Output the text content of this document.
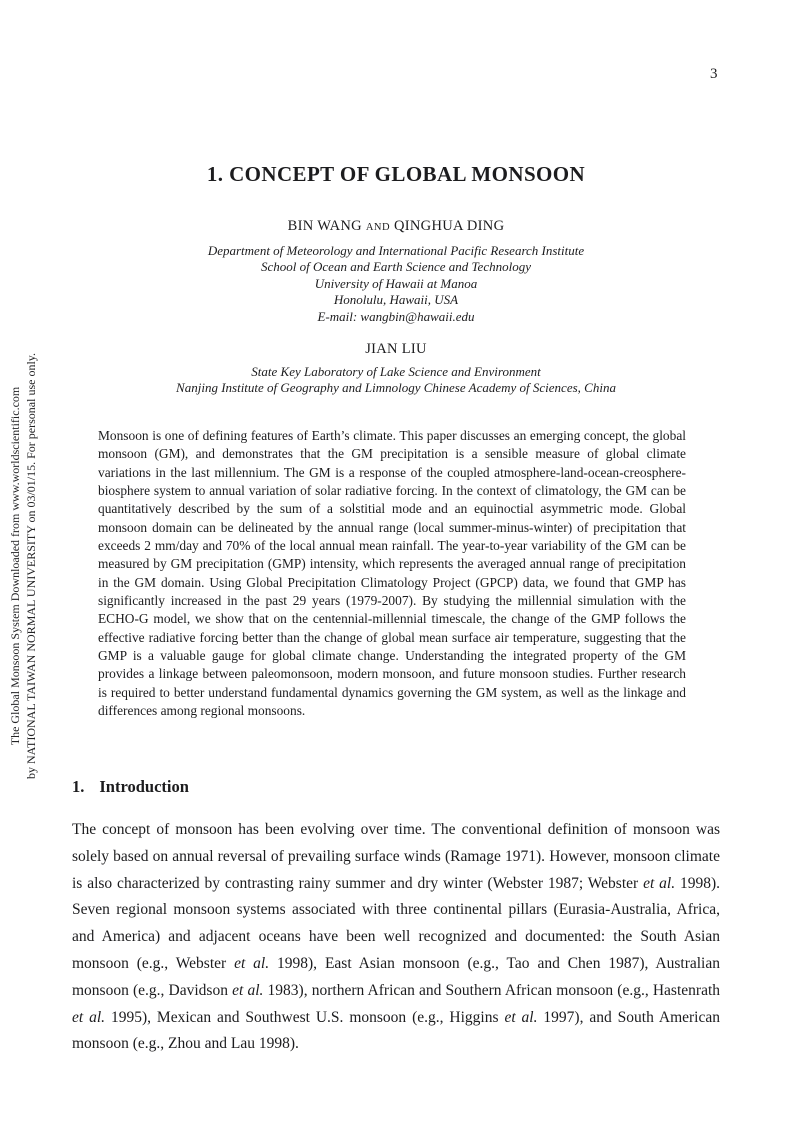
3
The Global Monsoon System Downloaded from www.worldscientific.com by NATIONAL TAIWAN NORMAL UNIVERSITY on 03/01/15. For personal use only.
1. CONCEPT OF GLOBAL MONSOON
BIN WANG AND QINGHUA DING
Department of Meteorology and International Pacific Research Institute
School of Ocean and Earth Science and Technology
University of Hawaii at Manoa
Honolulu, Hawaii, USA
E-mail: wangbin@hawaii.edu
JIAN LIU
State Key Laboratory of Lake Science and Environment
Nanjing Institute of Geography and Limnology Chinese Academy of Sciences, China
Monsoon is one of defining features of Earth’s climate. This paper discusses an emerging concept, the global monsoon (GM), and demonstrates that the GM precipitation is a sensible measure of global climate variations in the last millennium. The GM is a response of the coupled atmosphere-land-ocean-creosphere-biosphere system to annual variation of solar radiative forcing. In the context of climatology, the GM can be quantitatively described by the sum of a solstitial mode and an equinoctial asymmetric mode. Global monsoon domain can be delineated by the annual range (local summer-minus-winter) of precipitation that exceeds 2 mm/day and 70% of the local annual mean rainfall. The year-to-year variability of the GM can be measured by GM precipitation (GMP) intensity, which represents the averaged annual range of precipitation in the GM domain. Using Global Precipitation Climatology Project (GPCP) data, we found that GMP has significantly increased in the past 29 years (1979-2007). By studying the millennial simulation with the ECHO-G model, we show that on the centennial-millennial timescale, the change of the GMP follows the effective radiative forcing better than the change of global mean surface air temperature, suggesting that the GMP is a valuable gauge for global climate change. Understanding the integrated property of the GM provides a linkage between paleomonsoon, modern monsoon, and future monsoon studies. Further research is required to better understand fundamental dynamics governing the GM system, as well as the linkage and differences among regional monsoons.
1. Introduction
The concept of monsoon has been evolving over time. The conventional definition of monsoon was solely based on annual reversal of prevailing surface winds (Ramage 1971). However, monsoon climate is also characterized by contrasting rainy summer and dry winter (Webster 1987; Webster et al. 1998). Seven regional monsoon systems associated with three continental pillars (Eurasia-Australia, Africa, and America) and adjacent oceans have been well recognized and documented: the South Asian monsoon (e.g., Webster et al. 1998), East Asian monsoon (e.g., Tao and Chen 1987), Australian monsoon (e.g., Davidson et al. 1983), northern African and Southern African monsoon (e.g., Hastenrath et al. 1995), Mexican and Southwest U.S. monsoon (e.g., Higgins et al. 1997), and South American monsoon (e.g., Zhou and Lau 1998).
